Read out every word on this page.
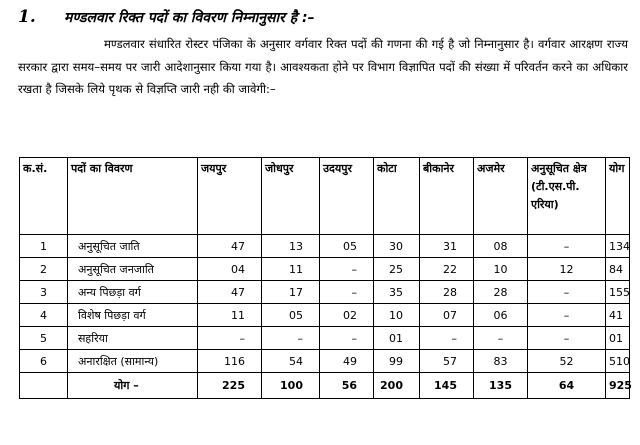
1.	मण्डलवार रिक्त पदों का विवरण निम्नानुसार है :–

मण्डलवार संधारित रोस्टर पंजिका के अनुसार वर्गवार रिक्त पदों की गणना की गई है जो निम्नानुसार है। वर्गवार आरक्षण राज्य सरकार द्वारा समय–समय पर जारी आदेशानुसार किया गया है। आवश्यकता होने पर विभाग विज्ञापित पदों की संख्या में परिवर्तन करने का अधिकार रखता है जिसके लिये पृथक से विज्ञप्ति जारी नही की जावेगी:–

क.सं.	पदों का विवरण	जयपुर	जोधपुर	उदयपुर	कोटा	बीकानेर	अजमेर	अनुसूचित क्षेत्र (टी.एस.पी. एरिया)	योग
1	अनुसूचित जाति	47	13	05	30	31	08	–	134
2	अनुसूचित जनजाति	04	11	–	25	22	10	12	84
3	अन्य पिछड़ा वर्ग	47	17	–	35	28	28	–	155
4	विशेष पिछड़ा वर्ग	11	05	02	10	07	06	–	41
5	सहरिया	–	–	–	01	–	–	–	01
6	अनारक्षित (सामान्य)	116	54	49	99	57	83	52	510
	योग –	225	100	56	200	145	135	64	925
